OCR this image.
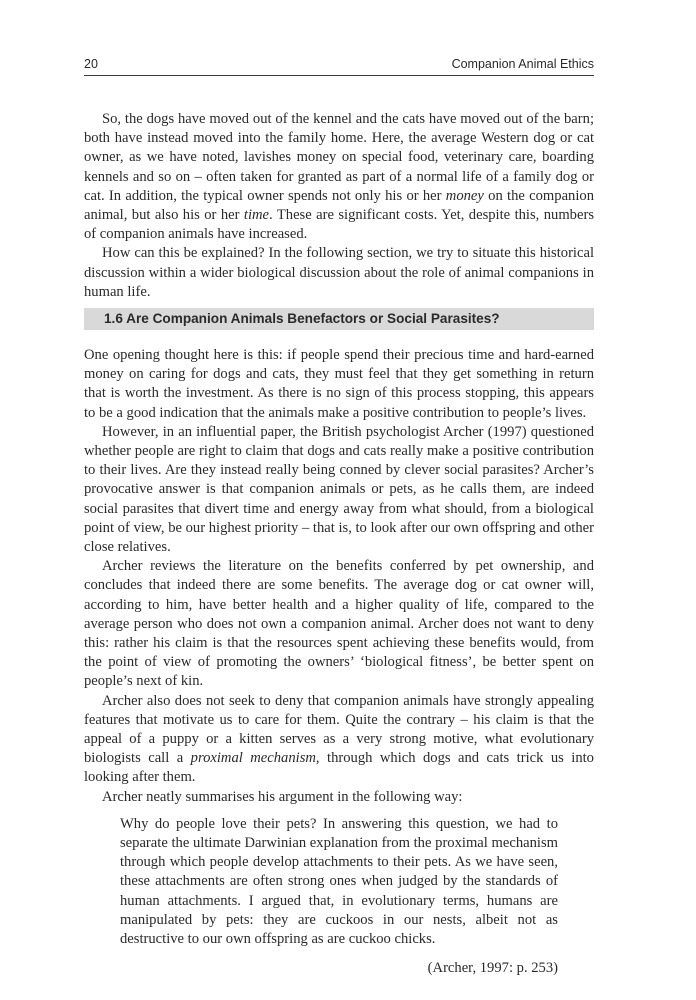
20	Companion Animal Ethics

So, the dogs have moved out of the kennel and the cats have moved out of the barn; both have instead moved into the family home. Here, the average Western dog or cat owner, as we have noted, lavishes money on special food, veterinary care, boarding kennels and so on – often taken for granted as part of a normal life of a family dog or cat. In addition, the typical owner spends not only his or her money on the companion animal, but also his or her time. These are significant costs. Yet, despite this, numbers of companion animals have increased.

How can this be explained? In the following section, we try to situate this historical discussion within a wider biological discussion about the role of animal companions in human life.

1.6 Are Companion Animals Benefactors or Social Parasites?

One opening thought here is this: if people spend their precious time and hard-earned money on caring for dogs and cats, they must feel that they get something in return that is worth the investment. As there is no sign of this process stopping, this appears to be a good indication that the animals make a positive contribution to people’s lives.

However, in an influential paper, the British psychologist Archer (1997) questioned whether people are right to claim that dogs and cats really make a positive contribution to their lives. Are they instead really being conned by clever social parasites? Archer’s provocative answer is that companion animals or pets, as he calls them, are indeed social parasites that divert time and energy away from what should, from a biological point of view, be our highest priority – that is, to look after our own offspring and other close relatives.

Archer reviews the literature on the benefits conferred by pet ownership, and concludes that indeed there are some benefits. The average dog or cat owner will, according to him, have better health and a higher quality of life, compared to the average person who does not own a companion animal. Archer does not want to deny this: rather his claim is that the resources spent achieving these benefits would, from the point of view of promoting the owners’ ‘biological fitness’, be better spent on people’s next of kin.

Archer also does not seek to deny that companion animals have strongly appealing features that motivate us to care for them. Quite the contrary – his claim is that the appeal of a puppy or a kitten serves as a very strong motive, what evolutionary biologists call a proximal mechanism, through which dogs and cats trick us into looking after them.

Archer neatly summarises his argument in the following way:

Why do people love their pets? In answering this question, we had to separate the ultimate Darwinian explanation from the proximal mechanism through which people develop attachments to their pets. As we have seen, these attachments are often strong ones when judged by the standards of human attachments. I argued that, in evolutionary terms, humans are manipulated by pets: they are cuckoos in our nests, albeit not as destructive to our own offspring as are cuckoo chicks.

(Archer, 1997: p. 253)
